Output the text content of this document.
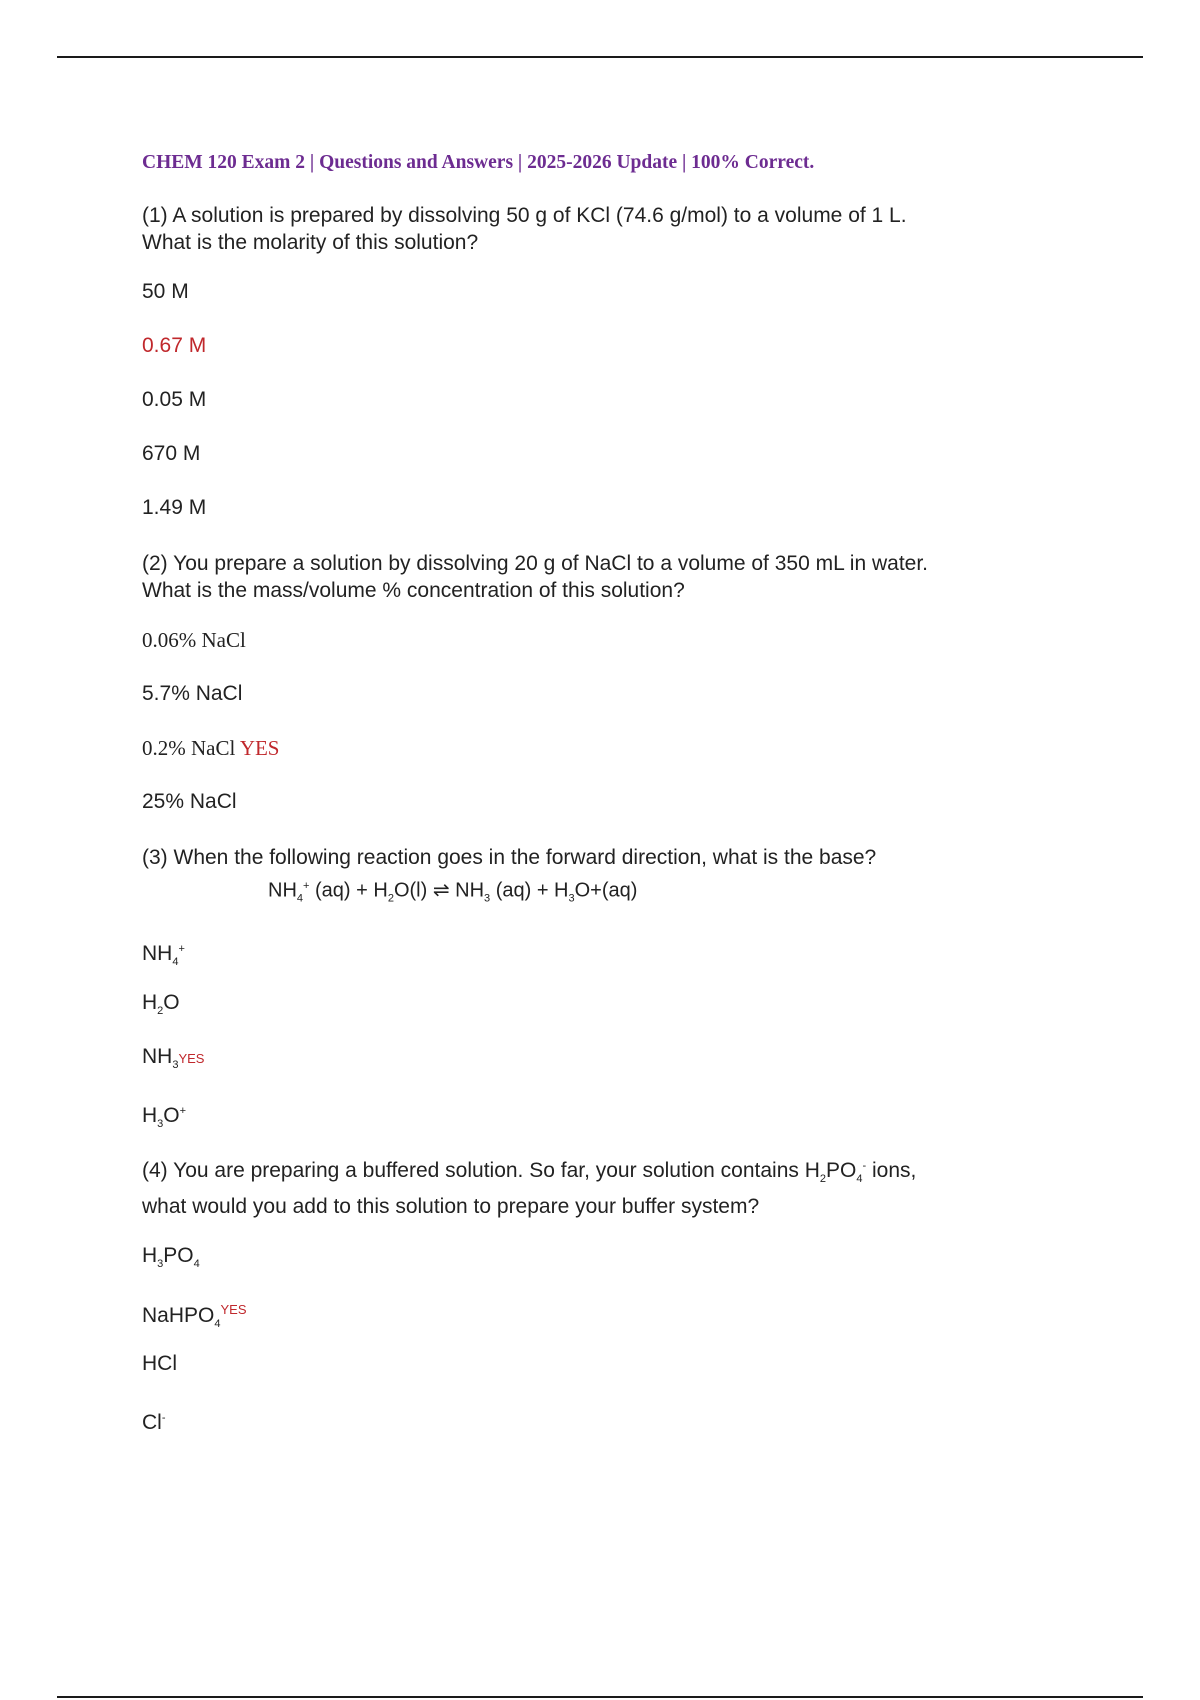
CHEM 120 Exam 2 | Questions and Answers | 2025-2026 Update | 100% Correct.
(1) A solution is prepared by dissolving 50 g of KCl (74.6 g/mol) to a volume of 1 L.
What is the molarity of this solution?
50 M
0.67 M
0.05 M
670 M
1.49 M
(2) You prepare a solution by dissolving 20 g of NaCl to a volume of 350 mL in water.
What is the mass/volume % concentration of this solution?
0.06% NaCl
5.7% NaCl
0.2% NaCl YES
25% NaCl
(3) When the following reaction goes in the forward direction, what is the base?
$NH_4^+$ $(aq) + H_2O(l)$ ⇌ $NH_3$ $(aq) + H_3O+(aq)$
$NH_4^+$
$H_2O$
$NH_3YES$
$H_3O^+$
(4) You are preparing a buffered solution. So far, your solution contains $H_2PO_4^-$ ions,
what would you add to this solution to prepare your buffer system?
$H_3PO_4$
NaHPO$_4^{YES}$
HCl
Cl-
